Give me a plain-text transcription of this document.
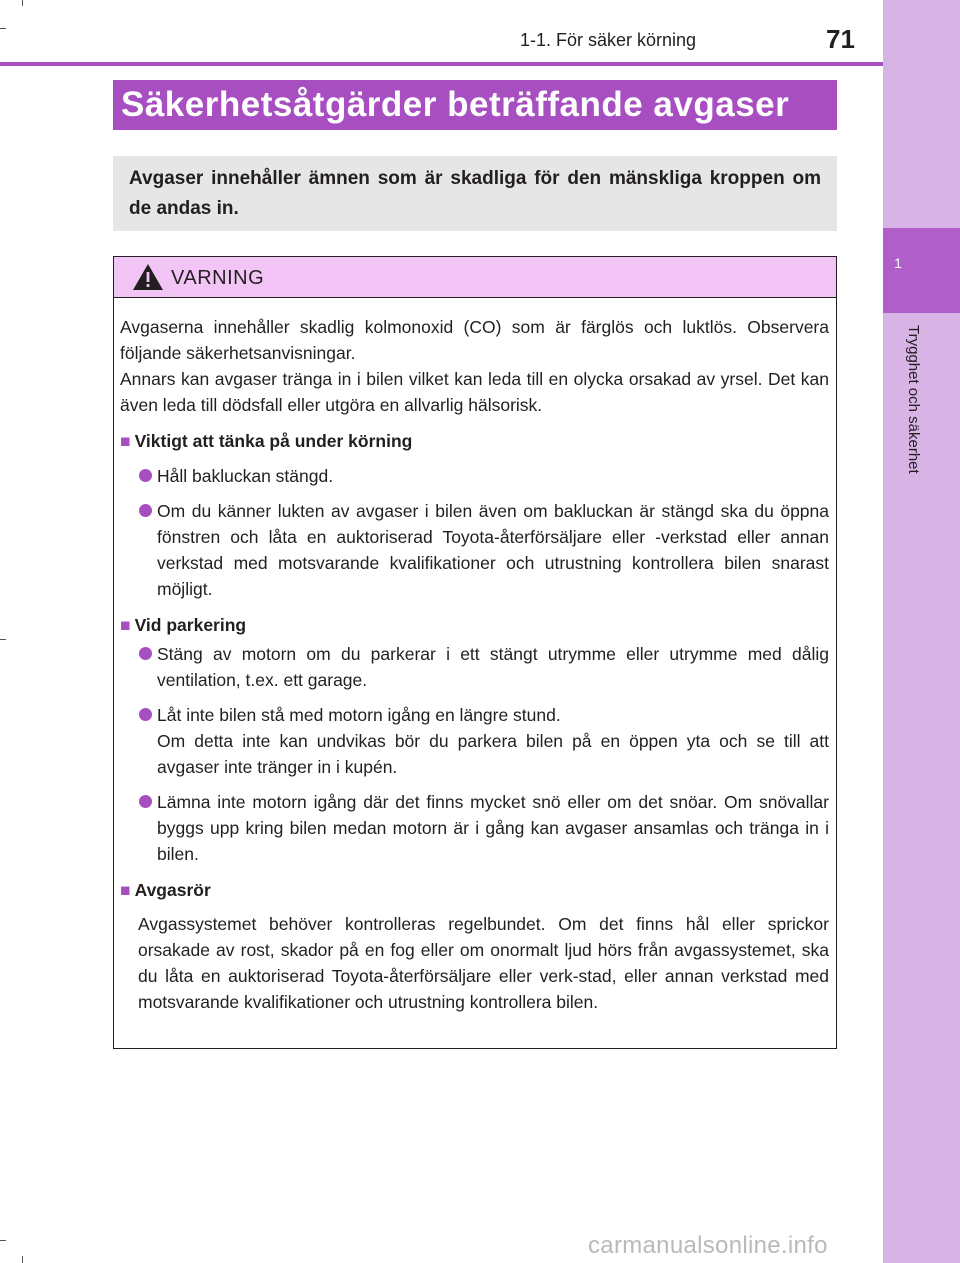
1
Trygghet och säkerhet
1-1. För säker körning	71
Säkerhetsåtgärder beträffande avgaser

Avgaser innehåller ämnen som är skadliga för den mänskliga kroppen om de andas in.

VARNING

Avgaserna innehåller skadlig kolmonoxid (CO) som är färglös och luktlös. Observera följande säkerhetsanvisningar.

Annars kan avgaser tränga in i bilen vilket kan leda till en olycka orsakad av yrsel. Det kan även leda till dödsfall eller utgöra en allvarlig hälsorisk.

■ Viktigt att tänka på under körning

Håll bakluckan stängd.

Om du känner lukten av avgaser i bilen även om bakluckan är stängd ska du öppna fönstren och låta en auktoriserad Toyota-återförsäljare eller -verkstad eller annan verkstad med motsvarande kvalifikationer och utrustning kontrollera bilen snarast möjligt.

■ Vid parkering

Stäng av motorn om du parkerar i ett stängt utrymme eller utrymme med dålig ventilation, t.ex. ett garage.

Låt inte bilen stå med motorn igång en längre stund.
Om detta inte kan undvikas bör du parkera bilen på en öppen yta och se till att avgaser inte tränger in i kupén.

Lämna inte motorn igång där det finns mycket snö eller om det snöar. Om snövallar byggs upp kring bilen medan motorn är i gång kan avgaser ansamlas och tränga in i bilen.

■ Avgasrör

Avgassystemet behöver kontrolleras regelbundet. Om det finns hål eller sprickor orsakade av rost, skador på en fog eller om onormalt ljud hörs från avgassystemet, ska du låta en auktoriserad Toyota-återförsäljare eller verk-stad, eller annan verkstad med motsvarande kvalifikationer och utrustning kontrollera bilen.

carmanualsonline.info
